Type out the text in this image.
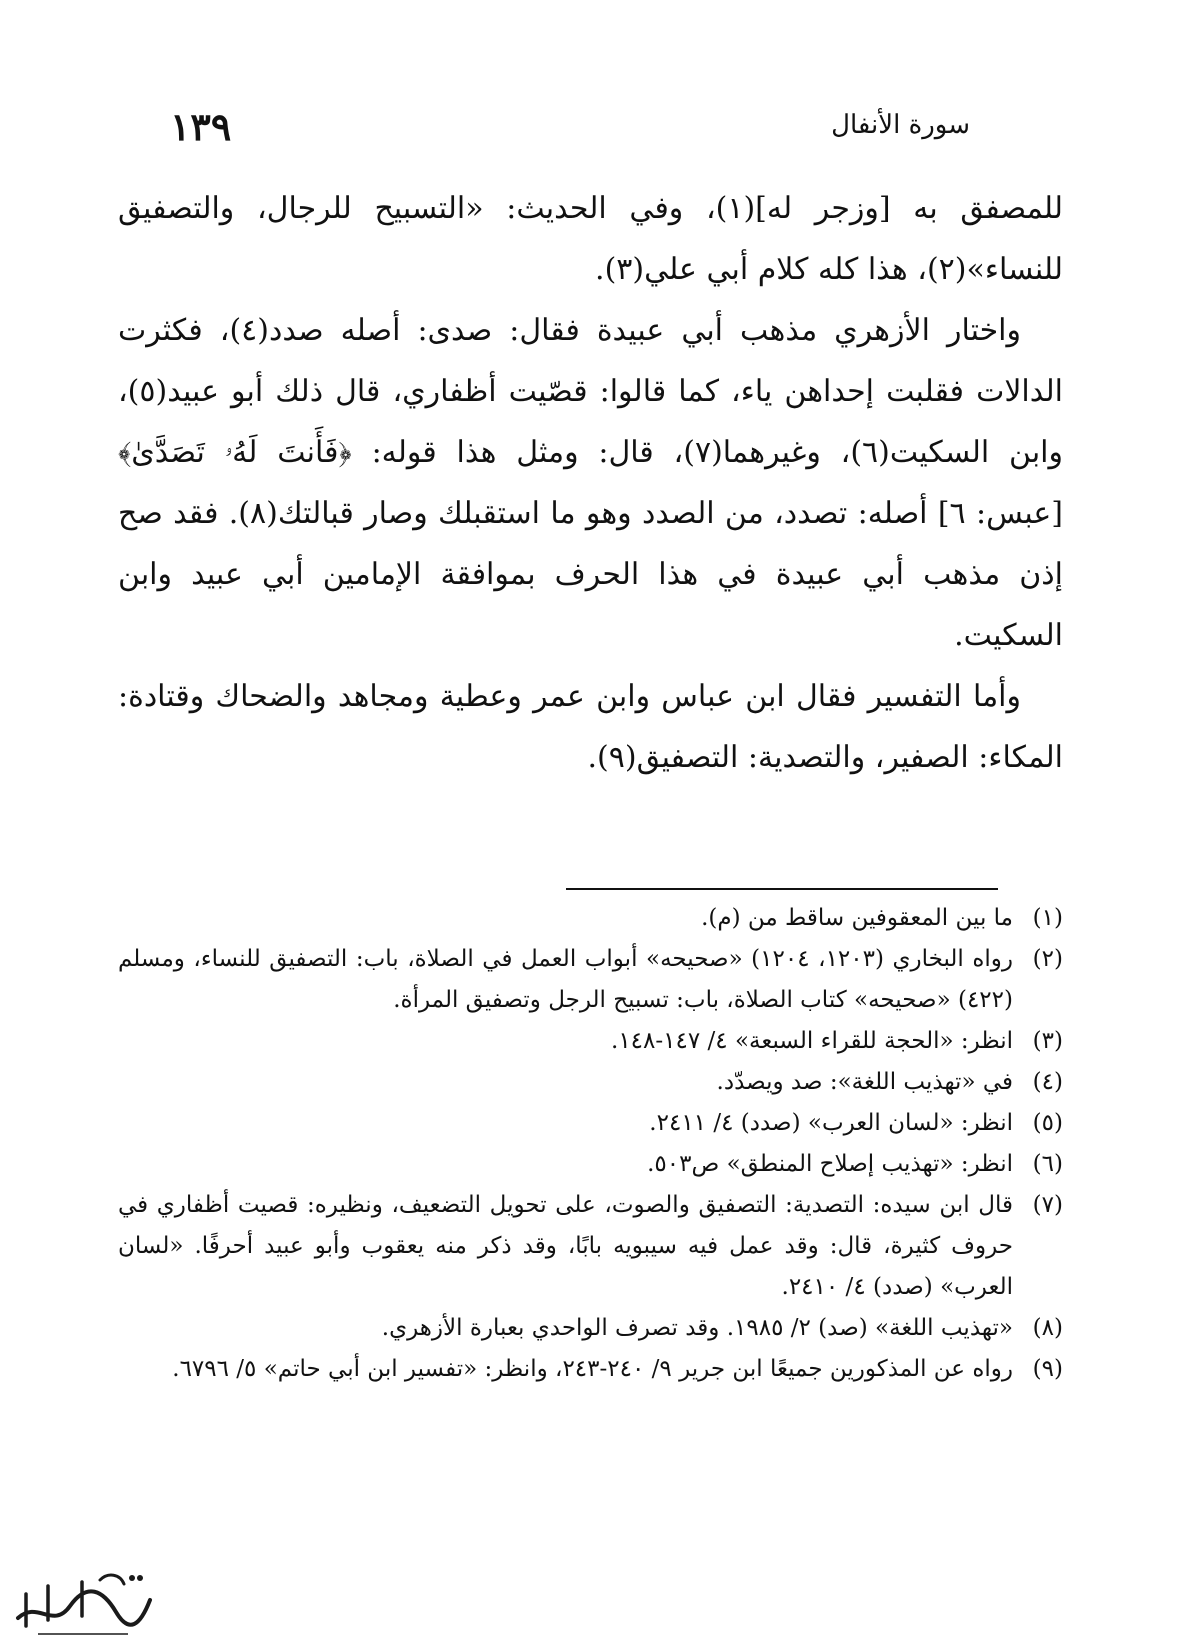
١٣٩	سورة الأنفال

للمصفق به [وزجر له](١)، وفي الحديث: «التسبيح للرجال، والتصفيق للنساء»(٢)، هذا كله كلام أبي علي(٣).

واختار الأزهري مذهب أبي عبيدة فقال: صدى: أصله صدد(٤)، فكثرت الدالات فقلبت إحداهن ياء، كما قالوا: قصّيت أظفاري، قال ذلك أبو عبيد(٥)، وابن السكيت(٦)، وغيرهما(٧)، قال: ومثل هذا قوله: ﴿فَأَنتَ لَهُۥ تَصَدَّىٰ﴾ [عبس: ٦] أصله: تصدد، من الصدد وهو ما استقبلك وصار قبالتك(٨). فقد صح إذن مذهب أبي عبيدة في هذا الحرف بموافقة الإمامين أبي عبيد وابن السكيت.

وأما التفسير فقال ابن عباس وابن عمر وعطية ومجاهد والضحاك وقتادة: المكاء: الصفير، والتصدية: التصفيق(٩).

(١)
ما بين المعقوفين ساقط من (م).
(٢)
رواه البخاري (١٢٠٣، ١٢٠٤) «صحيحه» أبواب العمل في الصلاة، باب: التصفيق للنساء، ومسلم (٤٢٢) «صحيحه» كتاب الصلاة، باب: تسبيح الرجل وتصفيق المرأة.
(٣)
انظر: «الحجة للقراء السبعة» ٤/ ١٤٧-١٤٨.
(٤)
في «تهذيب اللغة»: صد ويصدّد.
(٥)
انظر: «لسان العرب» (صدد) ٤/ ٢٤١١.
(٦)
انظر: «تهذيب إصلاح المنطق» ص٥٠٣.
(٧)
قال ابن سيده: التصدية: التصفيق والصوت، على تحويل التضعيف، ونظيره: قصيت أظفاري في حروف كثيرة، قال: وقد عمل فيه سيبويه بابًا، وقد ذكر منه يعقوب وأبو عبيد أحرفًا. «لسان العرب» (صدد) ٤/ ٢٤١٠.
(٨)
«تهذيب اللغة» (صد) ٢/ ١٩٨٥. وقد تصرف الواحدي بعبارة الأزهري.
(٩)
رواه عن المذكورين جميعًا ابن جرير ٩/ ٢٤٠-٢٤٣، وانظر: «تفسير ابن أبي حاتم» ٥/ ٦٧٩٦.
